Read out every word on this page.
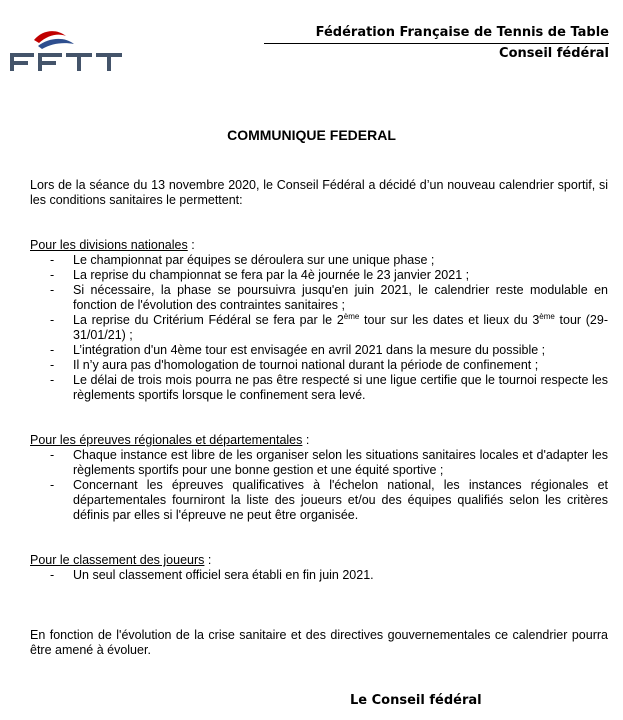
Fédération Française de Tennis de Table
Conseil fédéral
COMMUNIQUE FEDERAL

Lors de la séance du 13 novembre 2020, le Conseil Fédéral a décidé d’un nouveau calendrier sportif, si les conditions sanitaires le permettent:

Pour les divisions nationales :
- Le championnat par équipes se déroulera sur une unique phase ;
- La reprise du championnat se fera par la 4è journée le 23 janvier 2021 ;
- Si nécessaire, la phase se poursuivra jusqu'en juin 2021, le calendrier reste modulable en fonction de l'évolution des contraintes sanitaires ;
- La reprise du Critérium Fédéral se fera par le 2ème tour sur les dates et lieux du 3ème tour (29-31/01/21) ;
- L’intégration d'un 4ème tour est envisagée en avril 2021 dans la mesure du possible ;
- Il n’y aura pas d'homologation de tournoi national durant la période de confinement ;
- Le délai de trois mois pourra ne pas être respecté si une ligue certifie que le tournoi respecte les règlements sportifs lorsque le confinement sera levé.
Pour les épreuves régionales et départementales :
- Chaque instance est libre de les organiser selon les situations sanitaires locales et d'adapter les règlements sportifs pour une bonne gestion et une équité sportive ;
- Concernant les épreuves qualificatives à l'échelon national, les instances régionales et départementales fourniront la liste des joueurs et/ou des équipes qualifiés selon les critères définis par elles si l'épreuve ne peut être organisée.
Pour le classement des joueurs :
- Un seul classement officiel sera établi en fin juin 2021.

En fonction de l'évolution de la crise sanitaire et des directives gouvernementales ce calendrier pourra être amené à évoluer.

Le Conseil fédéral
